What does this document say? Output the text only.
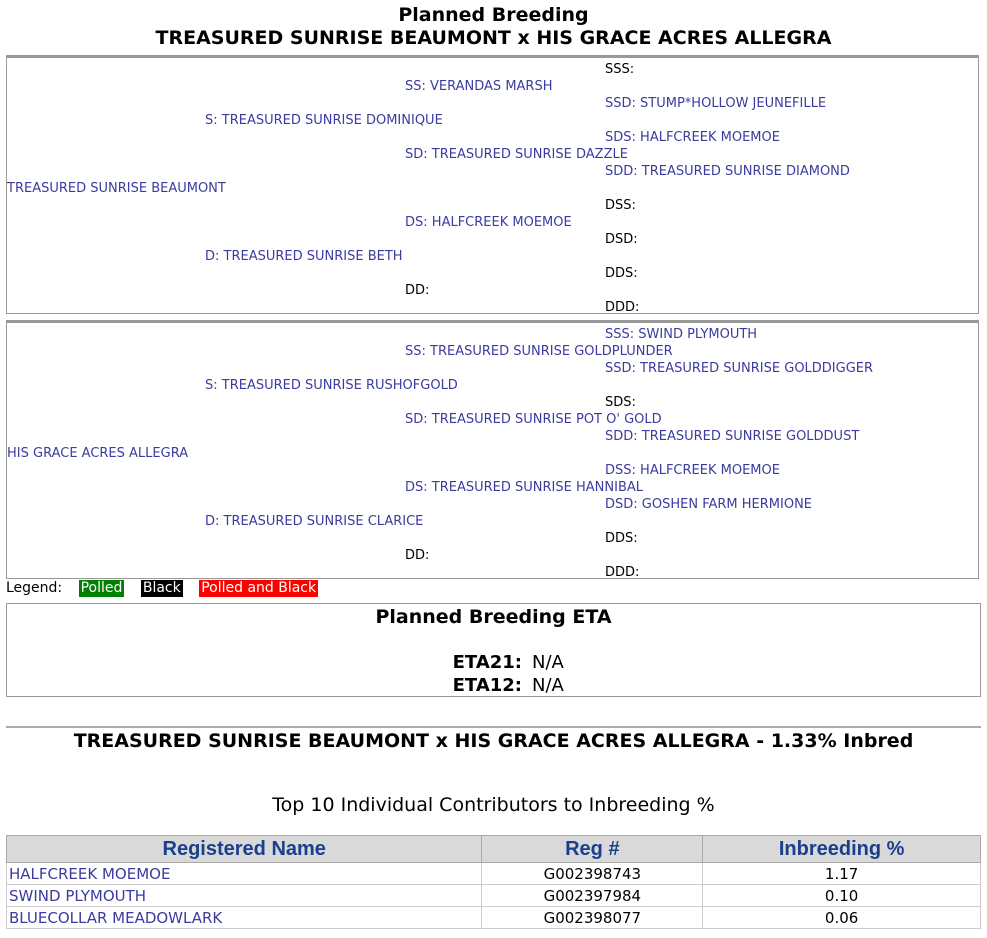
Planned Breeding
TREASURED SUNRISE BEAUMONT x HIS GRACE ACRES ALLEGRA
SSS:
SS: VERANDAS MARSH
SSD: STUMP*HOLLOW JEUNEFILLE
S: TREASURED SUNRISE DOMINIQUE
SDS: HALFCREEK MOEMOE
SD: TREASURED SUNRISE DAZZLE
SDD: TREASURED SUNRISE DIAMOND
TREASURED SUNRISE BEAUMONT
DSS:
DS: HALFCREEK MOEMOE
DSD:
D: TREASURED SUNRISE BETH
DDS:
DD:
DDD:
SSS: SWIND PLYMOUTH
SS: TREASURED SUNRISE GOLDPLUNDER
SSD: TREASURED SUNRISE GOLDDIGGER
S: TREASURED SUNRISE RUSHOFGOLD
SDS:
SD: TREASURED SUNRISE POT O' GOLD
SDD: TREASURED SUNRISE GOLDDUST
HIS GRACE ACRES ALLEGRA
DSS: HALFCREEK MOEMOE
DS: TREASURED SUNRISE HANNIBAL
DSD: GOSHEN FARM HERMIONE
D: TREASURED SUNRISE CLARICE
DDS:
DD:
DDD:
Legend: Polled Black Polled and Black
Planned Breeding ETA
ETA21: N/A
ETA12: N/A
TREASURED SUNRISE BEAUMONT x HIS GRACE ACRES ALLEGRA - 1.33% Inbred
Top 10 Individual Contributors to Inbreeding %
Registered Name	Reg #	Inbreeding %
HALFCREEK MOEMOE	G002398743	1.17
SWIND PLYMOUTH	G002397984	0.10
BLUECOLLAR MEADOWLARK	G002398077	0.06
